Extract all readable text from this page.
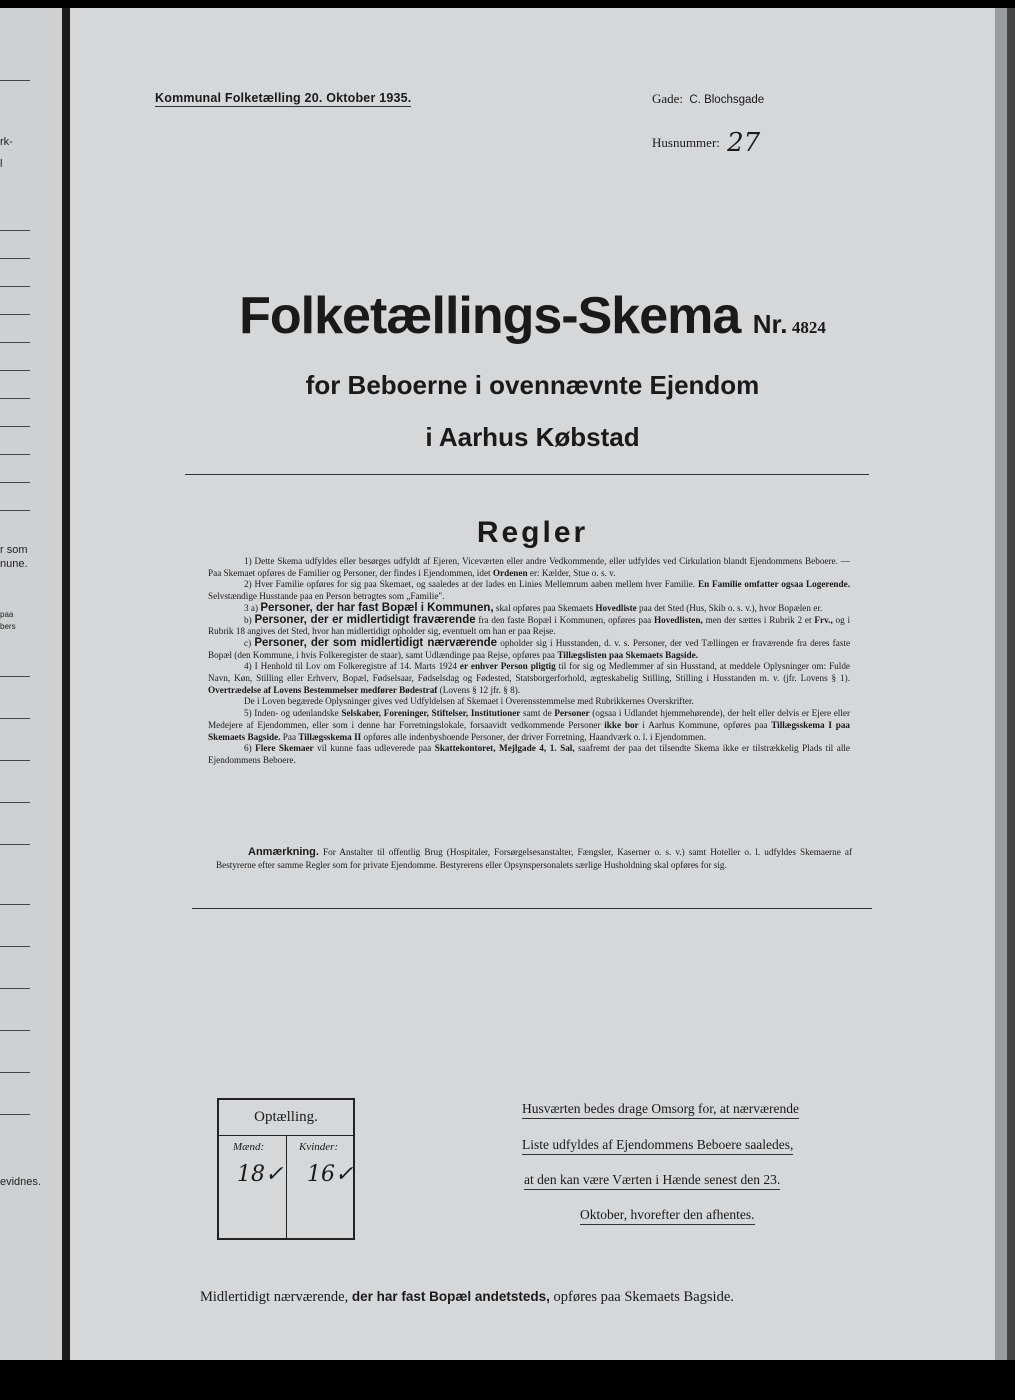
rk-
l
r som
nune.
paa
bers
evidnes.
Kommunal Folketælling 20. Oktober 1935.	Gade: C. Blochsgade
Husnummer: 27
Folketællings-Skema Nr. 4824
for Beboerne i ovennævnte Ejendom
i Aarhus Købstad
Regler

1) Dette Skema udfyldes eller besørges udfyldt af Ejeren, Viceværten eller andre Vedkommende, eller udfyldes ved Cirkulation blandt Ejendommens Beboere. — Paa Skemaet opføres de Familier og Personer, der findes i Ejendommen, idet Ordenen er: Kælder, Stue o. s. v.

2) Hver Familie opføres for sig paa Skemaet, og saaledes at der lades en Linies Mellemrum aaben mellem hver Familie. En Familie omfatter ogsaa Logerende. Selvstændige Husstande paa en Person betragtes som „Familie".

3 a) Personer, der har fast Bopæl i Kommunen, skal opføres paa Skemaets Hovedliste paa det Sted (Hus, Skib o. s. v.), hvor Bopælen er.

b) Personer, der er midlertidigt fraværende fra den faste Bopæl i Kommunen, opføres paa Hovedlisten, men der sættes i Rubrik 2 et Frv., og i Rubrik 18 angives det Sted, hvor han midlertidigt opholder sig, eventuelt om han er paa Rejse.

c) Personer, der som midlertidigt nærværende opholder sig i Husstanden, d. v. s. Personer, der ved Tællingen er fraværende fra deres faste Bopæl (den Kommune, i hvis Folkeregister de staar), samt Udlændinge paa Rejse, opføres paa Tillægslisten paa Skemaets Bagside.

4) I Henhold til Lov om Folkeregistre af 14. Marts 1924 er enhver Person pligtig til for sig og Medlemmer af sin Husstand, at meddele Oplysninger om: Fulde Navn, Køn, Stilling eller Erhverv, Bopæl, Fødselsaar, Fødselsdag og Fødested, Statsborgerforhold, ægteskabelig Stilling, Stilling i Husstanden m. v. (jfr. Lovens § 1). Overtrædelse af Lovens Bestemmelser medfører Bødestraf (Lovens § 12 jfr. § 8).

De i Loven begærede Oplysninger gives ved Udfyldelsen af Skemaet i Overensstemmelse med Rubrikkernes Overskrifter.

5) Inden- og udenlandske Selskaber, Foreninger, Stiftelser, Institutioner samt de Personer (ogsaa i Udlandet hjemmehørende), der helt eller delvis er Ejere eller Medejere af Ejendommen, eller som i denne har Forretningslokale, forsaavidt vedkommende Personer ikke bor i Aarhus Kommune, opføres paa Tillægsskema I paa Skemaets Bagside. Paa Tillægsskema II opføres alle indenbysboende Personer, der driver Forretning, Haandværk o. l. i Ejendommen.

6) Flere Skemaer vil kunne faas udleverede paa Skattekontoret, Mejlgade 4, 1. Sal, saafremt der paa det tilsendte Skema ikke er tilstrækkelig Plads til alle Ejendommens Beboere.

Anmærkning. For Anstalter til offentlig Brug (Hospitaler, Forsørgelsesanstalter, Fængsler, Kaserner o. s. v.) samt Hoteller o. l. udfyldes Skemaerne af Bestyrerne efter samme Regler som for private Ejendomme. Bestyrerens eller Opsynspersonalets særlige Husholdning skal opføres for sig.
Optælling.
Mænd:	Kvinder:
18✓ 16✓
Husværten bedes drage Omsorg for, at nærværende
Liste udfyldes af Ejendommens Beboere saaledes,
at den kan være Værten i Hænde senest den 23.
Oktober, hvorefter den afhentes.
Midlertidigt nærværende, der har fast Bopæl andetsteds, opføres paa Skemaets Bagside.
